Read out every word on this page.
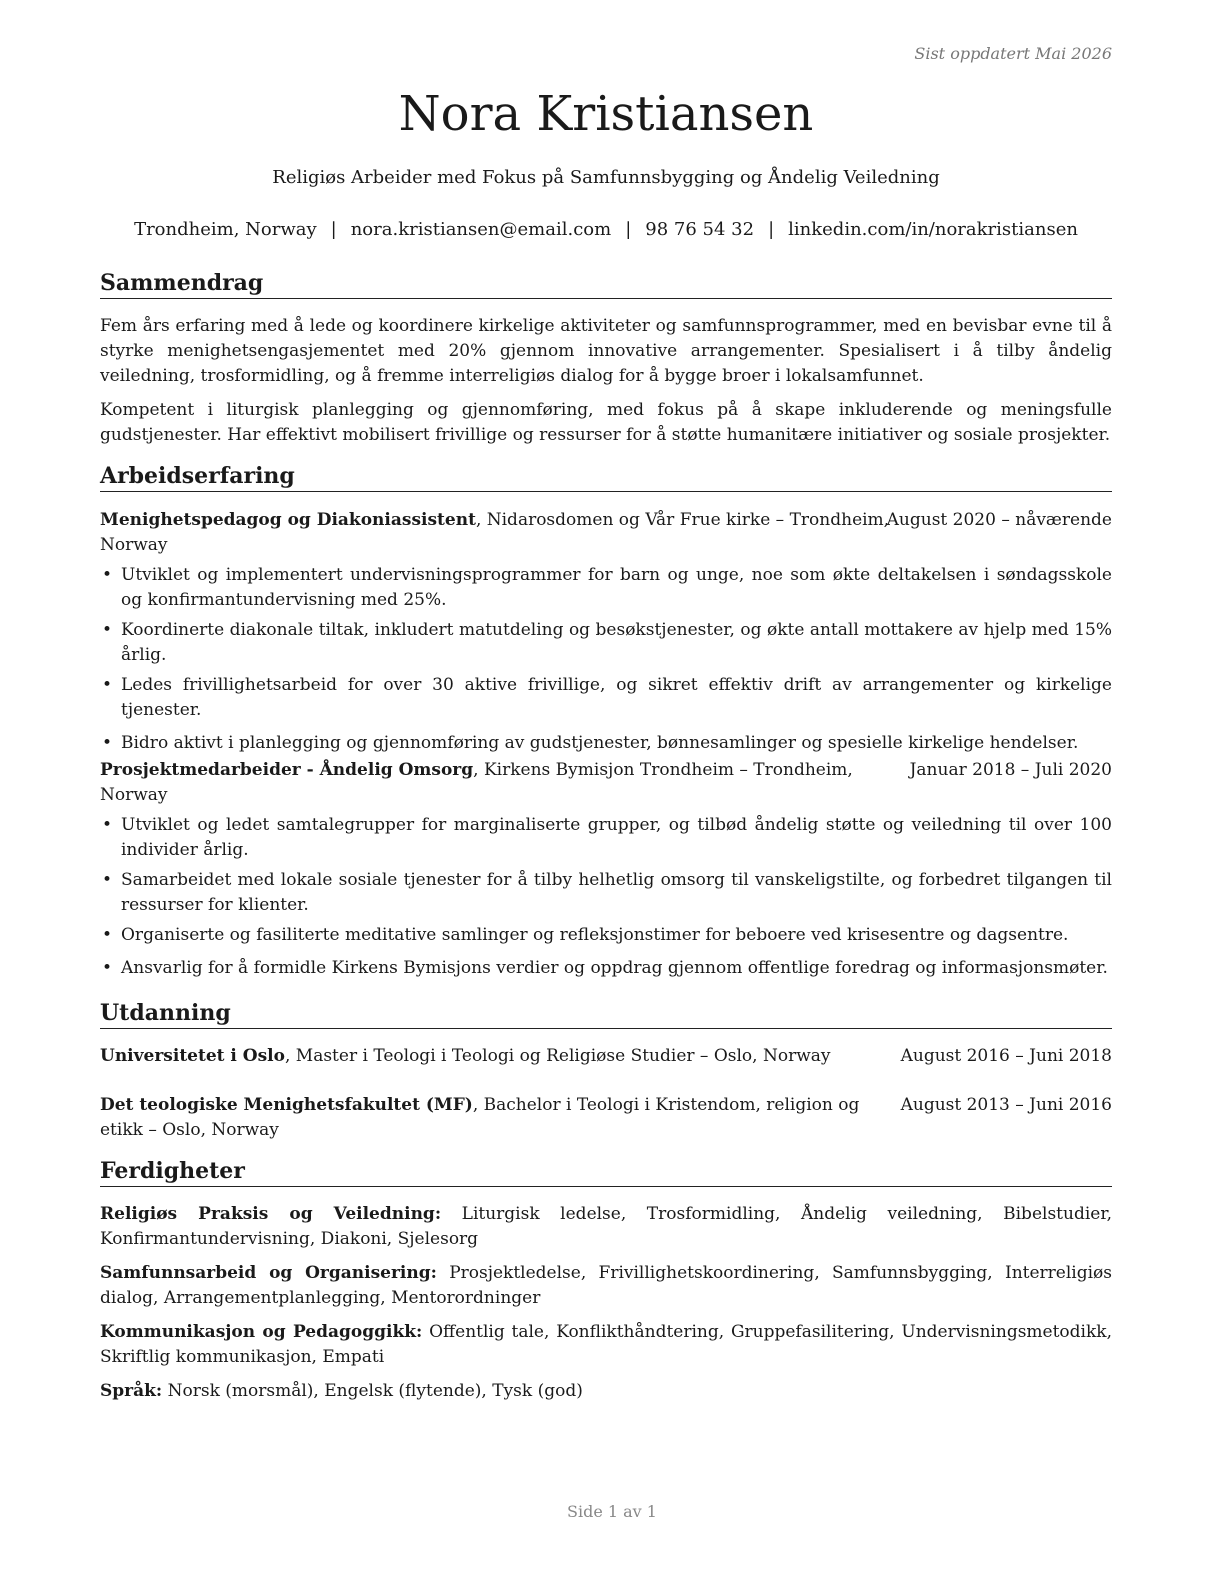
Sist oppdatert Mai 2026
Nora Kristiansen
Religiøs Arbeider med Fokus på Samfunnsbygging og Åndelig Veiledning
Trondheim, Norway | nora.kristiansen@email.com | 98 76 54 32 | linkedin.com/in/norakristiansen
Sammendrag
Fem års erfaring med å lede og koordinere kirkelige aktiviteter og samfunnsprogrammer, med en bevisbar evne til å styrke menighetsengasjementet med 20% gjennom innovative arrangementer. Spesialisert i å tilby åndelig veiledning, trosformidling, og å fremme interreligiøs dialog for å bygge broer i lokalsamfunnet.
Kompetent i liturgisk planlegging og gjennomføring, med fokus på å skape inkluderende og meningsfulle gudstjenester. Har effektivt mobilisert frivillige og ressurser for å støtte humanitære initiativer og sosiale prosjekter.
Arbeidserfaring
Menighetspedagog og Diakoniassistent, Nidarosdomen og Vår Frue kirke – Trondheim,
Norway
August 2020 – nåværende
• Utviklet og implementert undervisningsprogrammer for barn og unge, noe som økte deltakelsen i søndagsskole og konfirmantundervisning med 25%.
• Koordinerte diakonale tiltak, inkludert matutdeling og besøkstjenester, og økte antall mottakere av hjelp med 15% årlig.
• Ledes frivillighetsarbeid for over 30 aktive frivillige, og sikret effektiv drift av arrangementer og kirkelige tjenester.
• Bidro aktivt i planlegging og gjennomføring av gudstjenester, bønnesamlinger og spesielle kirkelige hendelser.
Prosjektmedarbeider - Åndelig Omsorg, Kirkens Bymisjon Trondheim – Trondheim,
Norway
Januar 2018 – Juli 2020
• Utviklet og ledet samtalegrupper for marginaliserte grupper, og tilbød åndelig støtte og veiledning til over 100 individer årlig.
• Samarbeidet med lokale sosiale tjenester for å tilby helhetlig omsorg til vanskeligstilte, og forbedret tilgangen til ressurser for klienter.
• Organiserte og fasiliterte meditative samlinger og refleksjonstimer for beboere ved krisesentre og dagsentre.
• Ansvarlig for å formidle Kirkens Bymisjons verdier og oppdrag gjennom offentlige foredrag og informasjonsmøter.
Utdanning
Universitetet i Oslo, Master i Teologi i Teologi og Religiøse Studier – Oslo, Norway	August 2016 – Juni 2018
Det teologiske Menighetsfakultet (MF), Bachelor i Teologi i Kristendom, religion og etikk – Oslo, Norway
August 2013 – Juni 2016
Ferdigheter
Religiøs Praksis og Veiledning: Liturgisk ledelse, Trosformidling, Åndelig veiledning, Bibelstudier, Konfirmantundervisning, Diakoni, Sjelesorg
Samfunnsarbeid og Organisering: Prosjektledelse, Frivillighetskoordinering, Samfunnsbygging, Interreligiøs dialog, Arrangementplanlegging, Mentorordninger
Kommunikasjon og Pedagoggikk: Offentlig tale, Konflikthåndtering, Gruppefasilitering, Undervisningsmetodikk, Skriftlig kommunikasjon, Empati
Språk: Norsk (morsmål), Engelsk (flytende), Tysk (god)
Side 1 av 1
